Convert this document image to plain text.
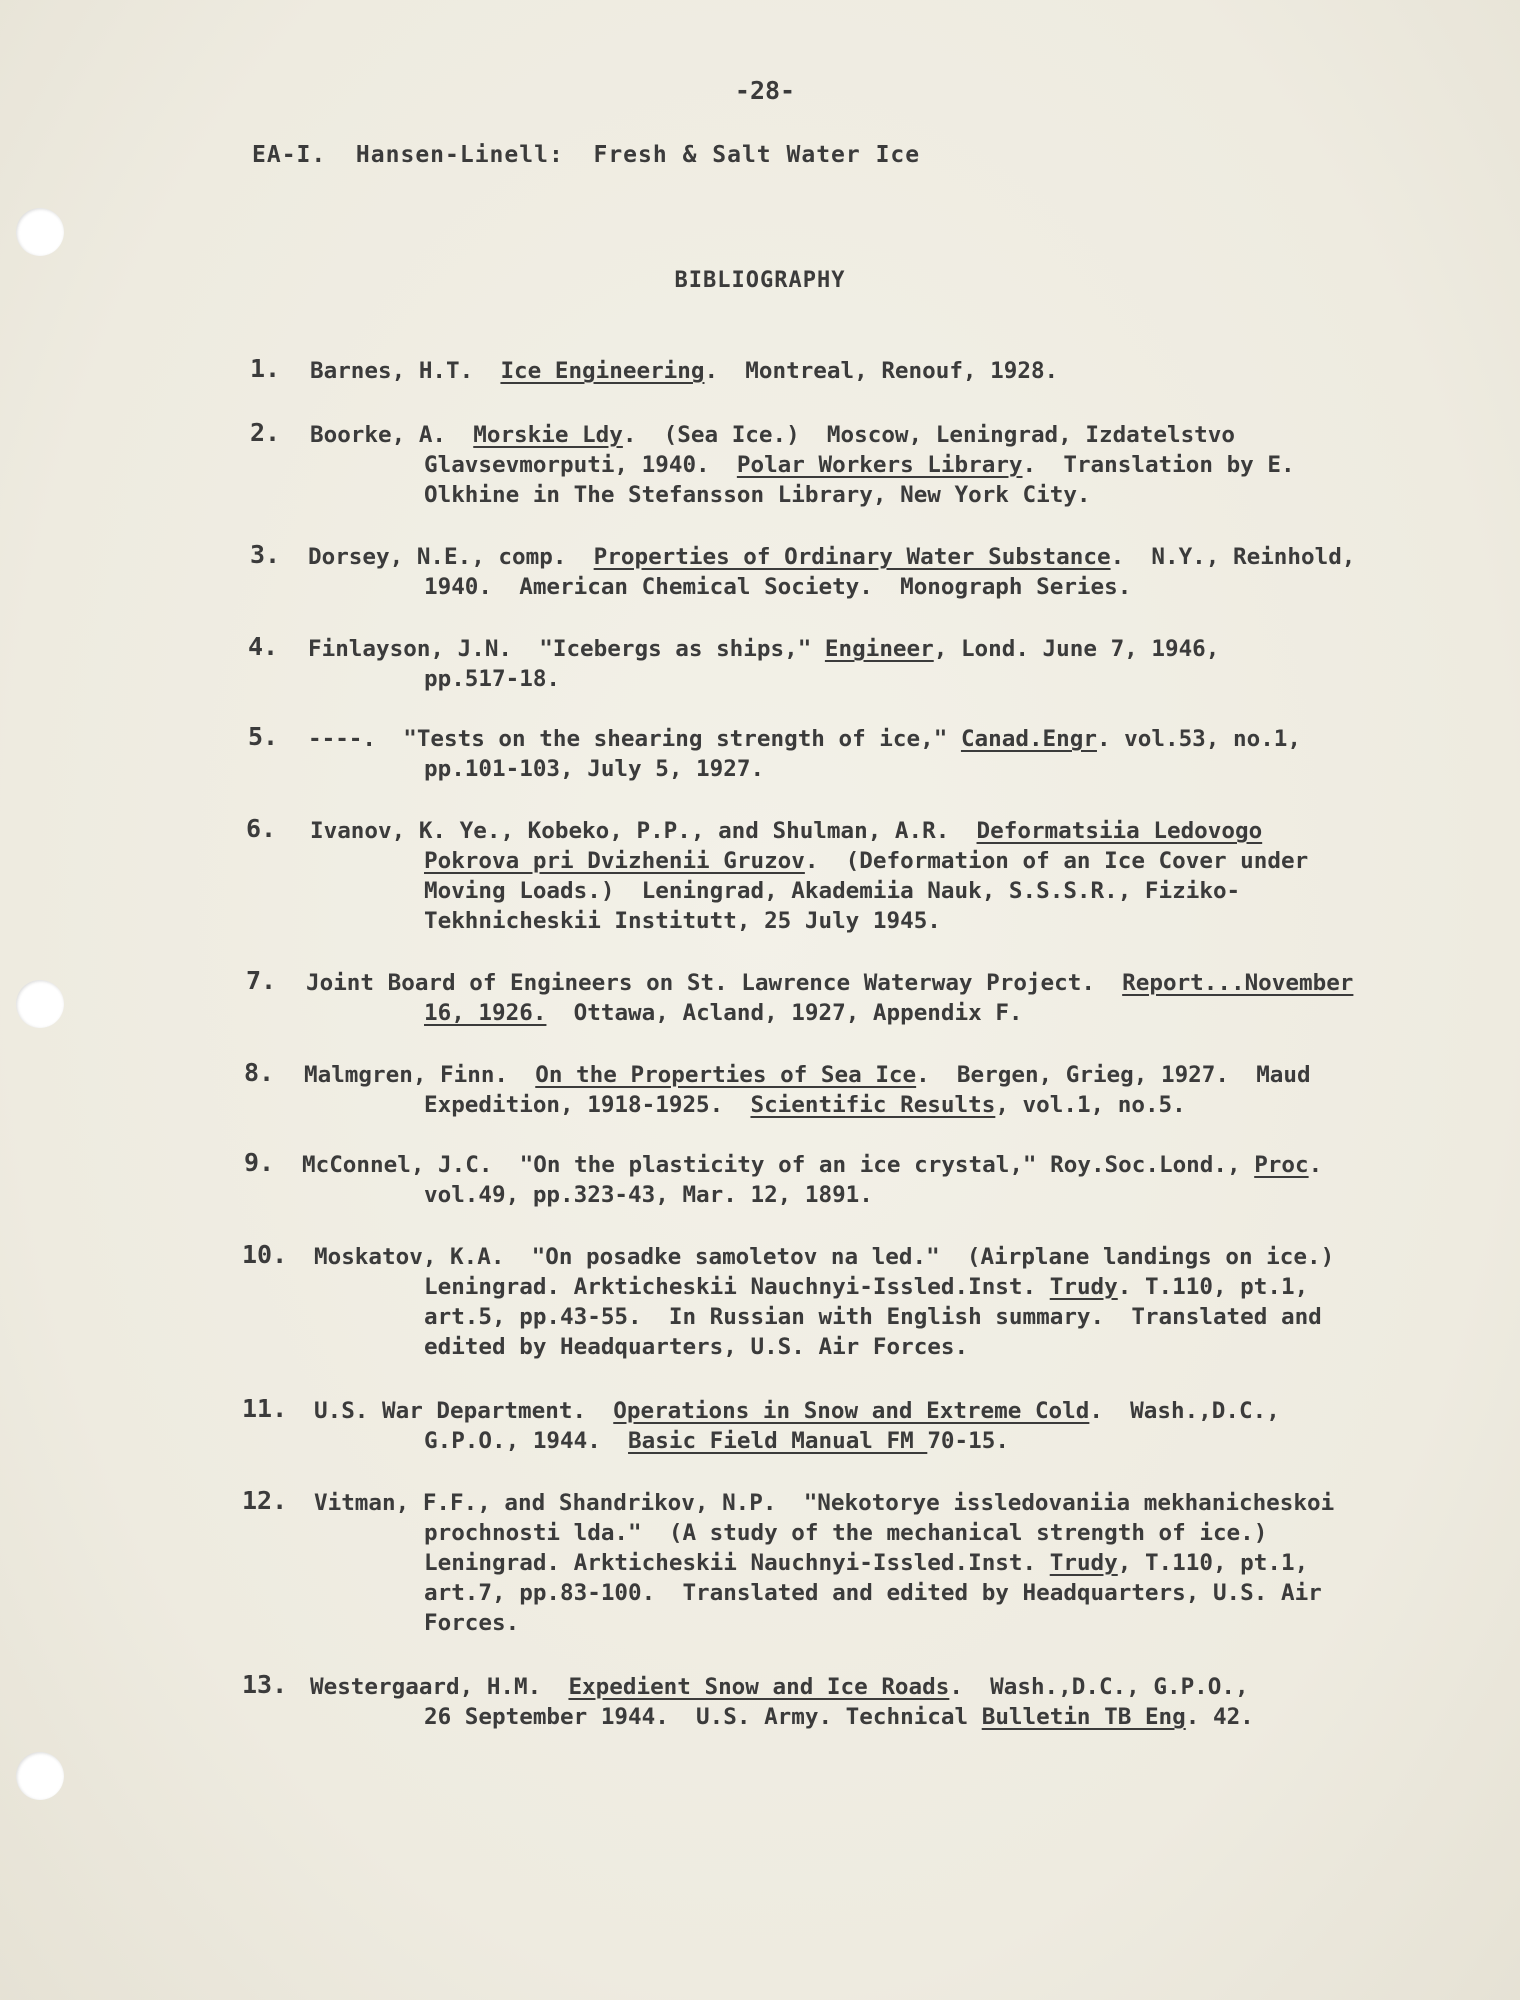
-28-
EA-I.  Hansen-Linell:  Fresh & Salt Water Ice
BIBLIOGRAPHY
1. Barnes, H.T.  Ice Engineering.  Montreal, Renouf, 1928.
2. Boorke, A.  Morskie Ldy.  (Sea Ice.)  Moscow, Leningrad, Izdatelstvo
Glavsevmorputi, 1940.  Polar Workers Library.  Translation by E.
Olkhine in The Stefansson Library, New York City.
3. Dorsey, N.E., comp.  Properties of Ordinary Water Substance.  N.Y., Reinhold,
1940.  American Chemical Society.  Monograph Series.
4. Finlayson, J.N.  "Icebergs as ships," Engineer, Lond. June 7, 1946,
pp.517-18.
5. ----.  "Tests on the shearing strength of ice," Canad.Engr. vol.53, no.1,
pp.101-103, July 5, 1927.
6. Ivanov, K. Ye., Kobeko, P.P., and Shulman, A.R.  Deformatsiia Ledovogo
Pokrova pri Dvizhenii Gruzov.  (Deformation of an Ice Cover under
Moving Loads.)  Leningrad, Akademiia Nauk, S.S.S.R., Fiziko-
Tekhnicheskii Institutt, 25 July 1945.
7. Joint Board of Engineers on St. Lawrence Waterway Project.  Report...November
16, 1926.  Ottawa, Acland, 1927, Appendix F.
8. Malmgren, Finn.  On the Properties of Sea Ice.  Bergen, Grieg, 1927.  Maud
Expedition, 1918-1925.  Scientific Results, vol.1, no.5.
9. McConnel, J.C.  "On the plasticity of an ice crystal," Roy.Soc.Lond., Proc.
vol.49, pp.323-43, Mar. 12, 1891.
10. Moskatov, K.A.  "On posadke samoletov na led."  (Airplane landings on ice.)
Leningrad. Arkticheskii Nauchnyi-Issled.Inst. Trudy. T.110, pt.1,
art.5, pp.43-55.  In Russian with English summary.  Translated and
edited by Headquarters, U.S. Air Forces.
11. U.S. War Department.  Operations in Snow and Extreme Cold.  Wash.,D.C.,
G.P.O., 1944.  Basic Field Manual FM 70-15.
12. Vitman, F.F., and Shandrikov, N.P.  "Nekotorye issledovaniia mekhanicheskoi
prochnosti lda."  (A study of the mechanical strength of ice.)
Leningrad. Arkticheskii Nauchnyi-Issled.Inst. Trudy, T.110, pt.1,
art.7, pp.83-100.  Translated and edited by Headquarters, U.S. Air
Forces.
13. Westergaard, H.M.  Expedient Snow and Ice Roads.  Wash.,D.C., G.P.O.,
26 September 1944.  U.S. Army. Technical Bulletin TB Eng. 42.
